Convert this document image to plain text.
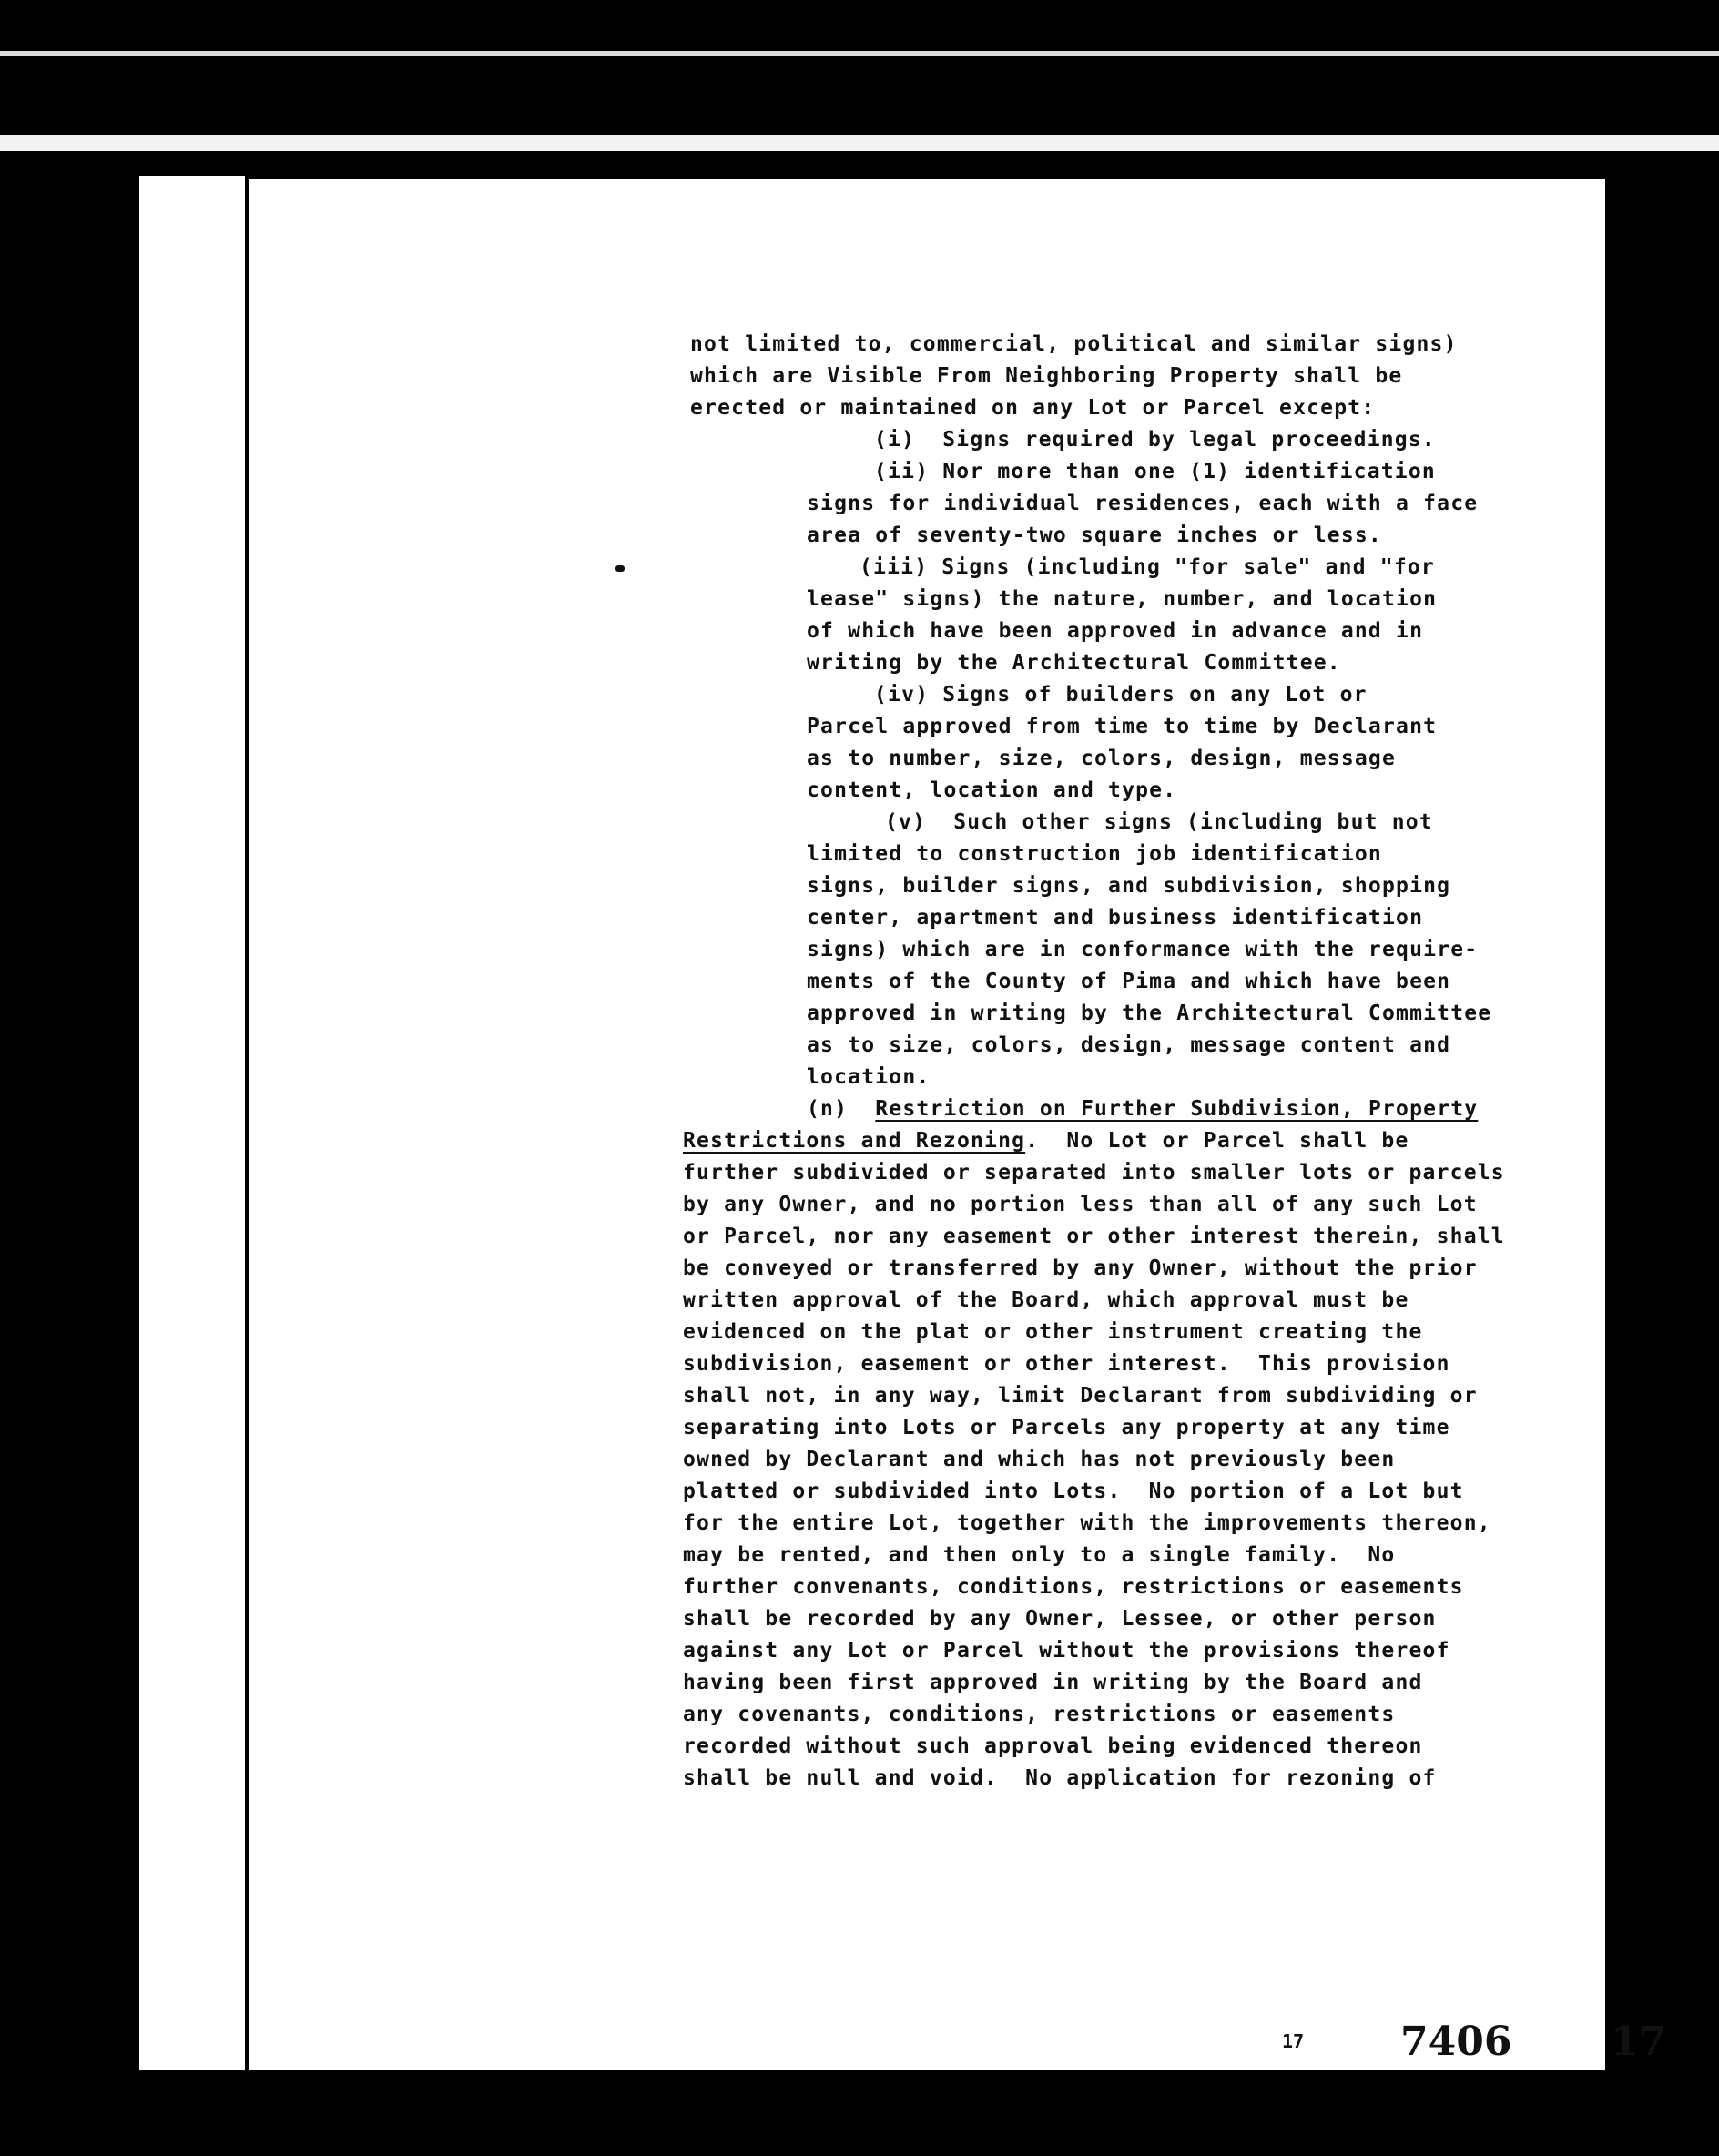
not limited to, commercial, political and similar signs)
which are Visible From Neighboring Property shall be
erected or maintained on any Lot or Parcel except:
(i)  Signs required by legal proceedings.
(ii) Nor more than one (1) identification
signs for individual residences, each with a face
area of seventy-two square inches or less.
(iii) Signs (including "for sale" and "for
lease" signs) the nature, number, and location
of which have been approved in advance and in
writing by the Architectural Committee.
(iv) Signs of builders on any Lot or
Parcel approved from time to time by Declarant
as to number, size, colors, design, message
content, location and type.
(v)  Such other signs (including but not
limited to construction job identification
signs, builder signs, and subdivision, shopping
center, apartment and business identification
signs) which are in conformance with the require-
ments of the County of Pima and which have been
approved in writing by the Architectural Committee
as to size, colors, design, message content and
location.
(n) Restriction on Further Subdivision, Property
Restrictions and Rezoning.  No Lot or Parcel shall be
further subdivided or separated into smaller lots or parcels
by any Owner, and no portion less than all of any such Lot
or Parcel, nor any easement or other interest therein, shall
be conveyed or transferred by any Owner, without the prior
written approval of the Board, which approval must be
evidenced on the plat or other instrument creating the
subdivision, easement or other interest.  This provision
shall not, in any way, limit Declarant from subdividing or
separating into Lots or Parcels any property at any time
owned by Declarant and which has not previously been
platted or subdivided into Lots.  No portion of a Lot but
for the entire Lot, together with the improvements thereon,
may be rented, and then only to a single family.  No
further convenants, conditions, restrictions or easements
shall be recorded by any Owner, Lessee, or other person
against any Lot or Parcel without the provisions thereof
having been first approved in writing by the Board and
any covenants, conditions, restrictions or easements
recorded without such approval being evidenced thereon
shall be null and void.  No application for rezoning of
17 7406 17
